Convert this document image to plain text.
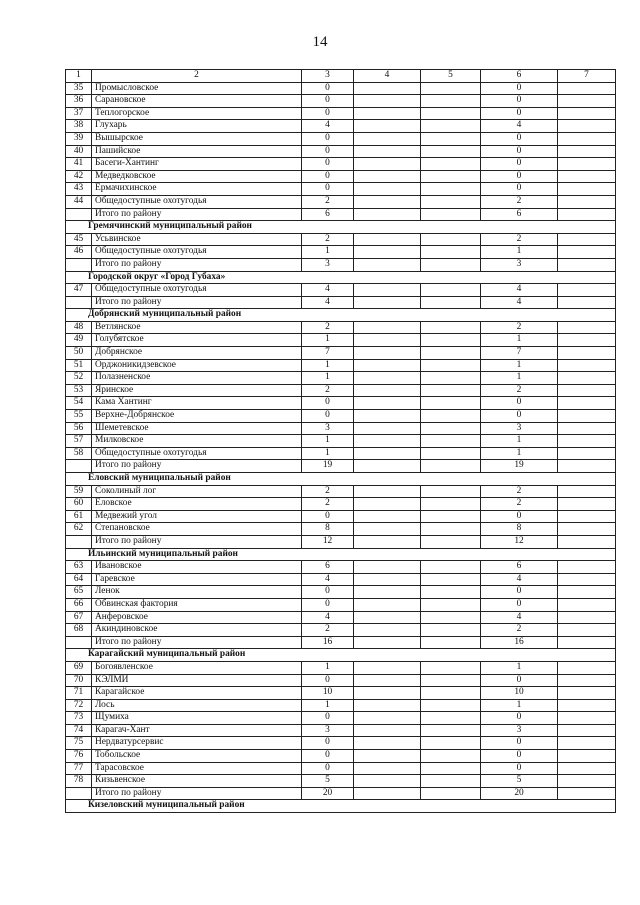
14
1	2	3	4	5	6	7
35	Промысловское	0			0	
36	Сарановское	0			0	
37	Теплогорское	0			0	
38	Глухарь	4			4	
39	Вышырское	0			0	
40	Пашийское	0			0	
41	Басеги-Хантинг	0			0	
42	Медведковское	0			0	
43	Ермачихинское	0			0	
44	Общедоступные охотугодья	2			2	
	Итого по району	6			6	
Гремячинский муниципальный район						
45	Усьвинское	2			2	
46	Общедоступные охотугодья	1			1	
	Итого по району	3			3	
Городской округ «Город Губаха»						
47	Общедоступные охотугодья	4			4	
	Итого по району	4			4	
Добрянский муниципальный район						
48	Ветлянское	2			2	
49	Голубятское	1			1	
50	Добрянское	7			7	
51	Орджоникидзевское	1			1	
52	Полазненское	1			1	
53	Яринское	2			2	
54	Кама Хантинг	0			0	
55	Верхне-Добрянское	0			0	
56	Шеметевское	3			3	
57	Милковское	1			1	
58	Общедоступные охотугодья	1			1	
	Итого по району	19			19	
Еловский муниципальный район						
59	Соколиный лог	2			2	
60	Еловское	2			2	
61	Медвежий угол	0			0	
62	Степановское	8			8	
	Итого по району	12			12	
Ильинский муниципальный район						
63	Ивановское	6			6	
64	Гаревское	4			4	
65	Ленок	0			0	
66	Обвинская фактория	0			0	
67	Анферовское	4			4	
68	Акиндиновское	2			2	
	Итого по району	16			16	
Карагайский муниципальный район						
69	Богоявленское	1			1	
70	КЭЛМИ	0			0	
71	Карагайское	10			10	
72	Лось	1			1	
73	Щумиха	0			0	
74	Карагач-Хант	3			3	
75	Нердватурсервис	0			0	
76	Тобольское	0			0	
77	Тарасовское	0			0	
78	Кизьвенское	5			5	
	Итого по району	20			20	
Кизеловский муниципальный район						
